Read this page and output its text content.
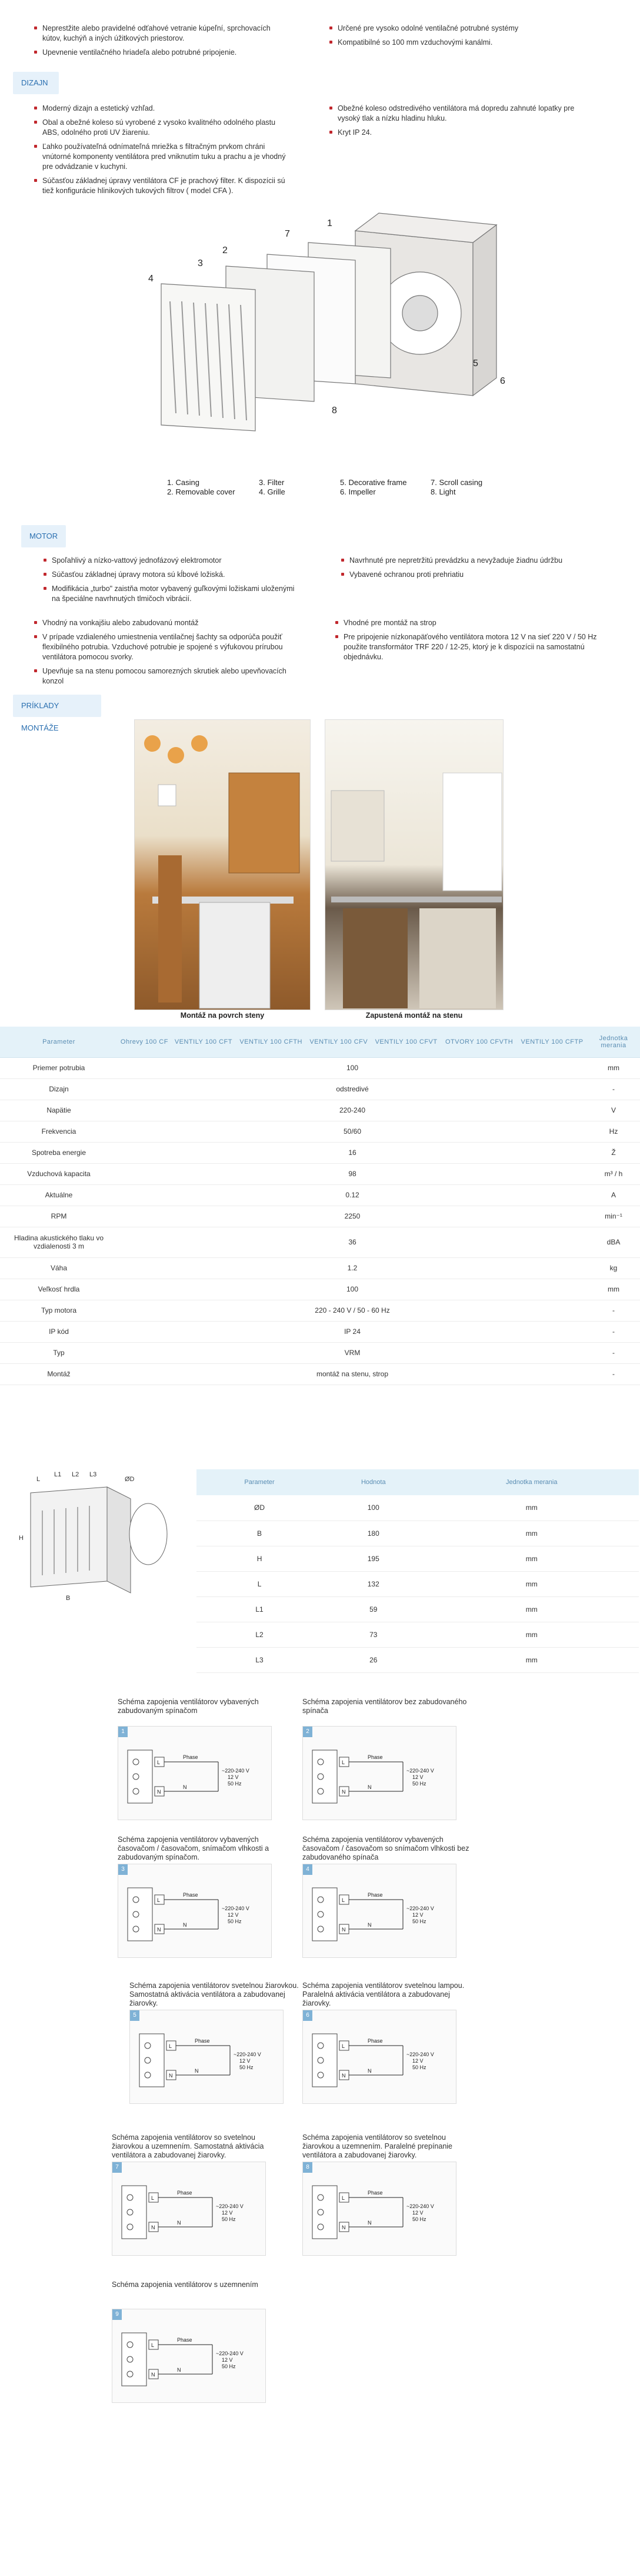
Neprestžite alebo pravidelné odťahové vetranie kúpeľní, sprchovacích kútov, kuchýň a iných úžitkových priestorov.
Upevnenie ventilačného hriadeľa alebo potrubné pripojenie.
Určené pre vysoko odolné ventilačné potrubné systémy
Kompatibilné so 100 mm vzduchovými kanálmi.
DIZAJN
Moderný dizajn a estetický vzhľad.
Obal a obežné koleso sú vyrobené z vysoko kvalitného odolného plastu ABS, odolného proti UV žiareniu.
Ľahko používateľná odnímateľná mriežka s filtračným prvkom chráni vnútorné komponenty ventilátora pred vniknutím tuku a prachu a je vhodný pre odvádzanie v kuchyni.
Súčasťou základnej úpravy ventilátora CF je prachový filter. K dispozícii sú tiež konfigurácie hlinikových tukových filtrov ( model CFA ).
Obežné koleso odstredivého ventilátora má dopredu zahnuté lopatky pre vysoký tlak a nízku hladinu hluku.
Kryt IP 24.
1
2
3
4
5
6
7
8
1. Casing
2. Removable cover
3. Filter
4. Grille
5. Decorative frame
6. Impeller
7. Scroll casing
8. Light
MOTOR
Spoľahlivý a nízko-vattový jednofázový elektromotor
Súčasťou základnej úpravy motora sú kĺbové ložiská.
Modifikácia „turbo" zaistňa motor vybavený guľkovými ložiskami uloženými na špeciálne navrhnutých tlmičoch vibrácií.
Navrhnuté pre nepretržitú prevádzku a nevyžaduje žiadnu údržbu
Vybavené ochranou proti prehriatiu
Vhodný na vonkajšiu alebo zabudovanú montáž
V prípade vzdialeného umiestnenia ventilačnej šachty sa odporúča použiť flexibilného potrubia. Vzduchové potrubie je spojené s výfukovou prírubou ventilátora pomocou svorky.
Upevňuje sa na stenu pomocou samorezných skrutiek alebo upevňovacích konzol
Vhodné pre montáž na strop
Pre pripojenie nízkonapäťového ventilátora motora 12 V na sieť 220 V / 50 Hz použite transformátor TRF 220 / 12-25, ktorý je k dispozícii na samostatnú objednávku.
PRÍKLADY MONTÁŽE
Montáž na povrch steny	Zapustená montáž na stenu
Parameter	Ohrevy 100 CF	VENTILY 100 CFT	VENTILY 100 CFTH	VENTILY 100 CFV	VENTILY 100 CFVT	OTVORY 100 CFVTH	VENTILY 100 CFTP	Jednotka merania
Priemer potrubia	100							mm
Dizajn	odstredivé							-
Napätie	220-240							V
Frekvencia	50/60							Hz
Spotreba energie	16							Ž
Vzduchová kapacita	98							m³ / h
Aktuálne	0.12							A
RPM	2250							min⁻¹
Hladina akustického tlaku vo vzdialenosti 3 m	36							dBA
Váha	1.2							kg
Veľkosť hrdla	100							mm
Typ motora	220 - 240 V / 50 - 60 Hz							-
IP kód	IP 24							-
Typ	VRM							-
Montáž	montáž na stenu, strop							-
ØD
B
H
L
L1 L2 L3
Parameter	Hodnota	Jednotka merania
ØD	100	mm
B	180	mm
H	195	mm
L	132	mm
L1	59	mm
L2	73	mm
L3	26	mm
Schéma zapojenia ventilátorov vybavených zabudovaným spínačom
1
L
N
Phase
N
~220-240 V
12 V
50 Hz
Schéma zapojenia ventilátorov bez zabudovaného spínača
2
L
N
Phase
N
~220-240 V
12 V
50 Hz
Schéma zapojenia ventilátorov vybavených časovačom / časovačom, snímačom vlhkosti a zabudovaným spínačom.
3
L
N
Phase
N
~220-240 V
12 V
50 Hz
Schéma zapojenia ventilátorov vybavených časovačom / časovačom so snímačom vlhkosti bez zabudovaného spínača
4
L
N
Phase
N
~220-240 V
12 V
50 Hz
Schéma zapojenia ventilátorov svetelnou žiarovkou. Samostatná aktivácia ventilátora a zabudovanej žiarovky.
5
L
N
Phase
N
~220-240 V
12 V
50 Hz
Schéma zapojenia ventilátorov svetelnou lampou. Paralelná aktivácia ventilátora a zabudovanej žiarovky.
6
L
N
Phase
N
~220-240 V
12 V
50 Hz
Schéma zapojenia ventilátorov so svetelnou žiarovkou a uzemnením. Samostatná aktivácia ventilátora a zabudovanej žiarovky.
7
L
N
Phase
N
~220-240 V
12 V
50 Hz
Schéma zapojenia ventilátorov so svetelnou žiarovkou a uzemnením. Paralelné prepínanie ventilátora a zabudovanej žiarovky.
8
L
N
Phase
N
~220-240 V
12 V
50 Hz
Schéma zapojenia ventilátorov s uzemnením
9
L
N
Phase
N
~220-240 V
12 V
50 Hz
